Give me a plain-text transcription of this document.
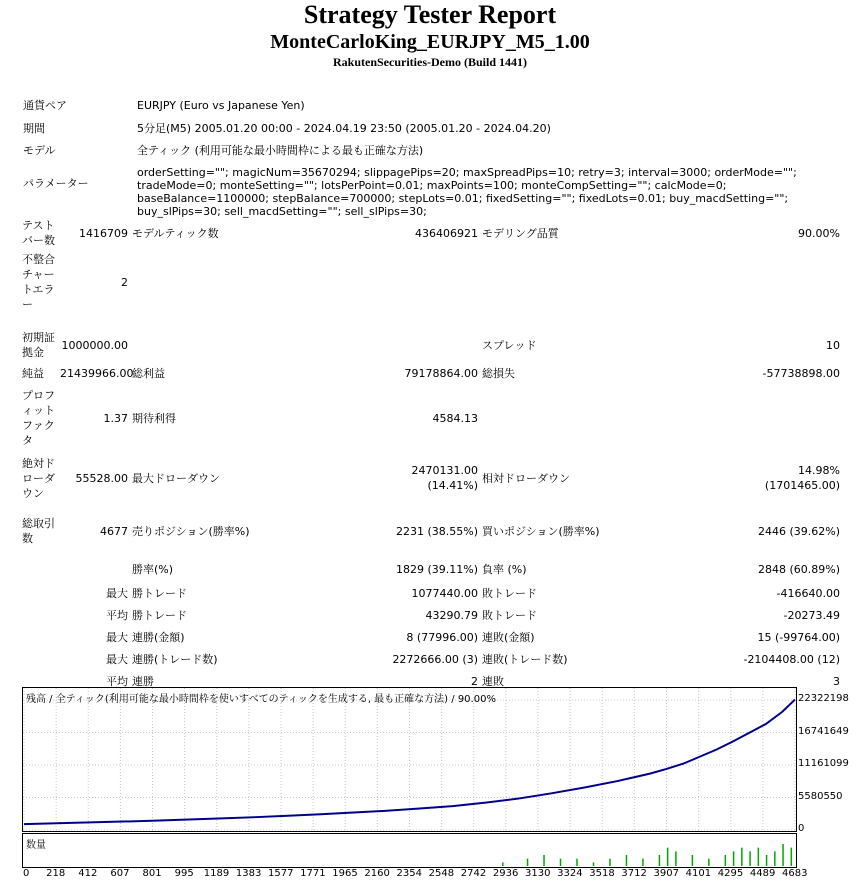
Strategy Tester Report
MonteCarloKing_EURJPY_M5_1.00
RakutenSecurities-Demo (Build 1441)
通貨ペア	EURJPY (Euro vs Japanese Yen)
期間	5分足(M5) 2005.01.20 00:00 - 2024.04.19 23:50 (2005.01.20 - 2024.04.20)
モデル	全ティック (利用可能な最小時間枠による最も正確な方法)
パラメーター
orderSetting=""; magicNum=35670294; slippagePips=20; maxSpreadPips=10; retry=3; interval=3000; orderMode=""; tradeMode=0; monteSetting=""; lotsPerPoint=0.01; maxPoints=100; monteCompSetting=""; calcMode=0; baseBalance=1100000; stepBalance=700000; stepLots=0.01; fixedSetting=""; fixedLots=0.01; buy_macdSetting=""; buy_slPips=30; sell_macdSetting=""; sell_slPips=30;
テストバー数	1416709	モデルティック数	436406921	モデリング品質	90.00%
不整合チャートエラー	2				

初期証拠金	1000000.00			スプレッド	10
純益	21439966.00	総利益	79178864.00	総損失	-57738898.00
プロフィットファクタ	1.37	期待利得	4584.13		
絶対ドローダウン	55528.00	最大ドローダウン	2470131.00 (14.41%)	相対ドローダウン	14.98% (1701465.00)
総取引数	4677	売りポジション(勝率%)	2231 (38.55%)	買いポジション(勝率%)	2446 (39.62%)
		勝率(%)	1829 (39.11%)	負率 (%)	2848 (60.89%)
	最大	勝トレード	1077440.00	敗トレード	-416640.00
	平均	勝トレード	43290.79	敗トレード	-20273.49
	最大	連勝(金額)	8 (77996.00)	連敗(金額)	15 (-99764.00)
	最大	連勝(トレード数)	2272666.00 (3)	連敗(トレード数)	-2104408.00 (12)
	平均	連勝	2	連敗	3
残高 / 全ティック(利用可能な最小時間枠を使いすべてのティックを生成する, 最も正確な方法) / 90.00%
数量
22322198
16741649
11161099
5580550
0
0 218 412 607 801 995 1189 1383 1577 1771 1965 2160 2354 2548 2742 2936 3130 3324 3518 3712 3907 4101 4295 4489 4683
